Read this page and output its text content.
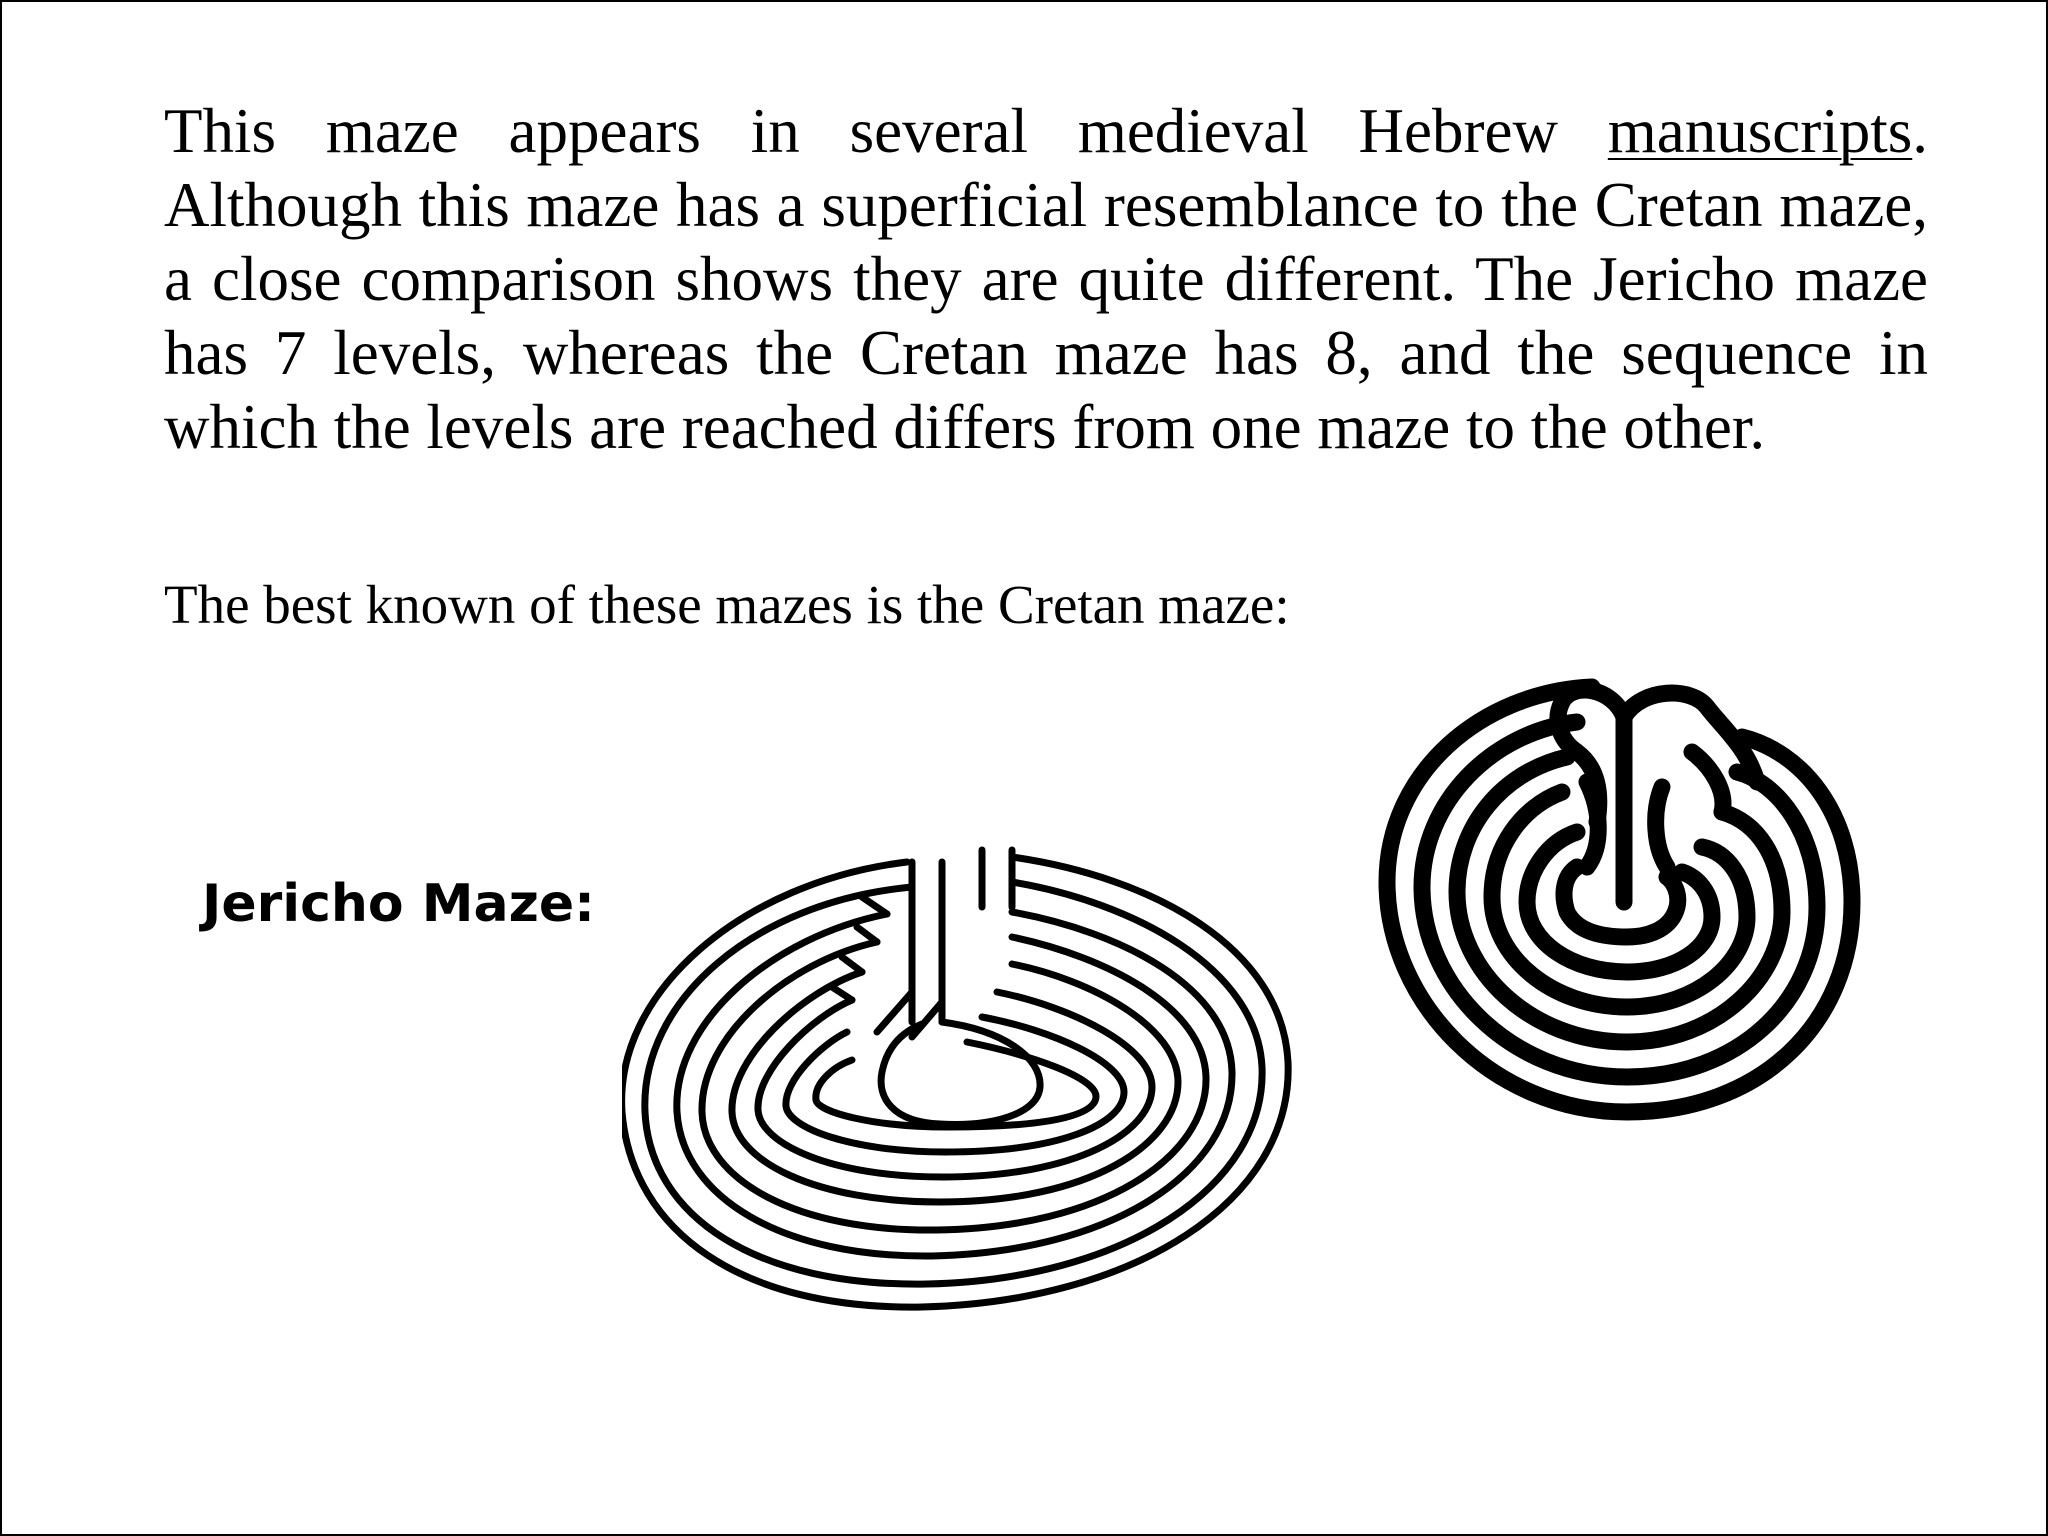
This maze appears in several medieval Hebrew manuscripts. Although this maze has a superficial resemblance to the Cretan maze, a close comparison shows they are quite different. The Jericho maze has 7 levels, whereas the Cretan maze has 8, and the sequence in which the levels are reached differs from one maze to the other.

The best known of these mazes is the Cretan maze:

Jericho Maze:
